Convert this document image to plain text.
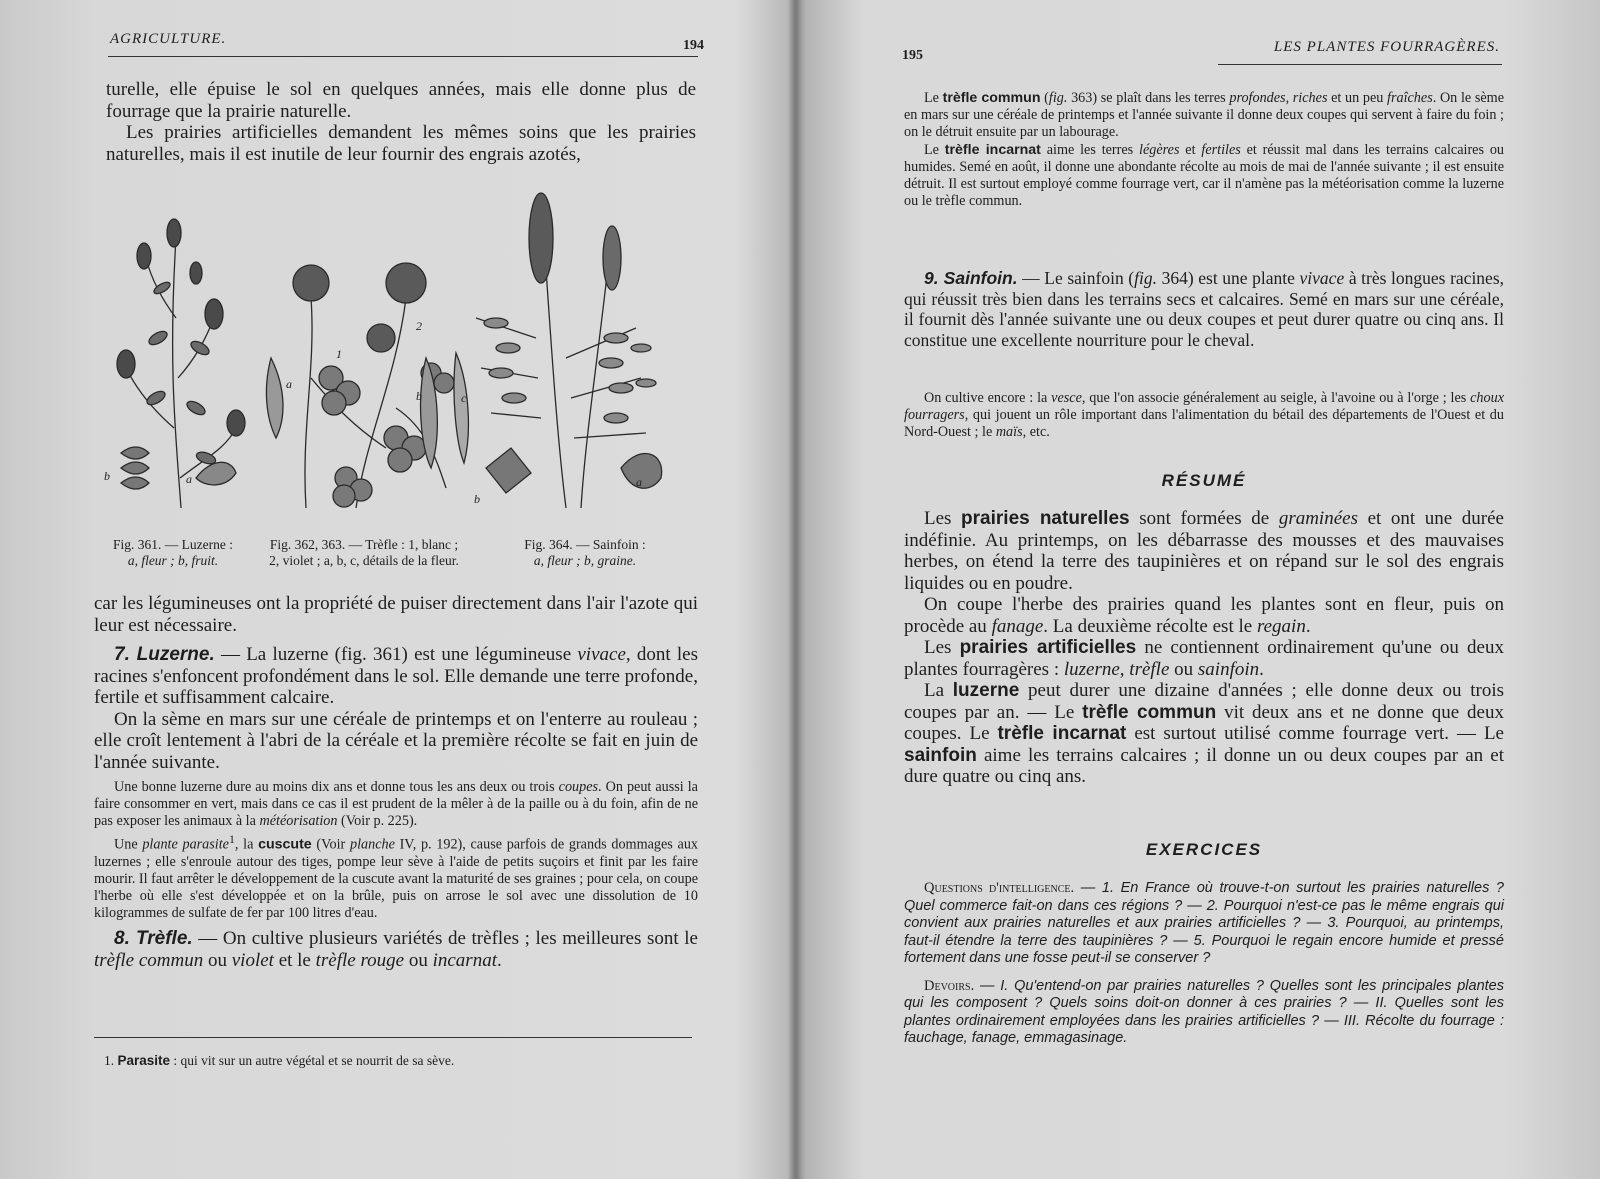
AGRICULTURE.	194

turelle, elle épuise le sol en quelques années, mais elle donne plus de fourrage que la prairie naturelle.

Les prairies artificielles demandent les mêmes soins que les prairies naturelles, mais il est inutile de leur fournir des engrais azotés,

b	a
a
b	c
1
2
b
a
Fig. 361. — Luzerne :
a, fleur ; b, fruit.
Fig. 362, 363. — Trèfle : 1, blanc ;
2, violet ; a, b, c, détails de la fleur.
Fig. 364. — Sainfoin :
a, fleur ; b, graine.

car les légumineuses ont la propriété de puiser directement dans l'air l'azote qui leur est nécessaire.

7. Luzerne. — La luzerne (fig. 361) est une légumineuse vivace, dont les racines s'enfoncent profondément dans le sol. Elle demande une terre profonde, fertile et suffisamment calcaire.

On la sème en mars sur une céréale de printemps et on l'enterre au rouleau ; elle croît lentement à l'abri de la céréale et la première récolte se fait en juin de l'année suivante.

Une bonne luzerne dure au moins dix ans et donne tous les ans deux ou trois coupes. On peut aussi la faire consommer en vert, mais dans ce cas il est prudent de la mêler à de la paille ou à du foin, afin de ne pas exposer les animaux à la météorisation (Voir p. 225).

Une plante parasite$^1$, la cuscute (Voir planche IV, p. 192), cause parfois de grands dommages aux luzernes ; elle s'enroule autour des tiges, pompe leur sève à l'aide de petits suçoirs et finit par les faire mourir. Il faut arrêter le développement de la cuscute avant la maturité de ses graines ; pour cela, on coupe l'herbe où elle s'est développée et on la brûle, puis on arrose le sol avec une dissolution de 10 kilogrammes de sulfate de fer par 100 litres d'eau.

8. Trèfle. — On cultive plusieurs variétés de trèfles ; les meilleures sont le trèfle commun ou violet et le trèfle rouge ou incarnat.

1. Parasite : qui vit sur un autre végétal et se nourrit de sa sève.
195
LES PLANTES FOURRAGÈRES.

Le trèfle commun (fig. 363) se plaît dans les terres profondes, riches et un peu fraîches. On le sème en mars sur une céréale de printemps et l'année suivante il donne deux coupes qui servent à faire du foin ; on le détruit ensuite par un labourage.

Le trèfle incarnat aime les terres légères et fertiles et réussit mal dans les terrains calcaires ou humides. Semé en août, il donne une abondante récolte au mois de mai de l'année suivante ; il est ensuite détruit. Il est surtout employé comme fourrage vert, car il n'amène pas la météorisation comme la luzerne ou le trèfle commun.

9. Sainfoin. — Le sainfoin (fig. 364) est une plante vivace à très longues racines, qui réussit très bien dans les terrains secs et calcaires. Semé en mars sur une céréale, il fournit dès l'année suivante une ou deux coupes et peut durer quatre ou cinq ans. Il constitue une excellente nourriture pour le cheval.

On cultive encore : la vesce, que l'on associe généralement au seigle, à l'avoine ou à l'orge ; les choux fourragers, qui jouent un rôle important dans l'alimentation du bétail des départements de l'Ouest et du Nord-Ouest ; le maïs, etc.

RÉSUMÉ

Les prairies naturelles sont formées de graminées et ont une durée indéfinie. Au printemps, on les débarrasse des mousses et des mauvaises herbes, on étend la terre des taupinières et on répand sur le sol des engrais liquides ou en poudre.

On coupe l'herbe des prairies quand les plantes sont en fleur, puis on procède au fanage. La deuxième récolte est le regain.

Les prairies artificielles ne contiennent ordinairement qu'une ou deux plantes fourragères : luzerne, trèfle ou sainfoin.

La luzerne peut durer une dizaine d'années ; elle donne deux ou trois coupes par an. — Le trèfle commun vit deux ans et ne donne que deux coupes. Le trèfle incarnat est surtout utilisé comme fourrage vert. — Le sainfoin aime les terrains calcaires ; il donne un ou deux coupes par an et dure quatre ou cinq ans.

EXERCICES

Questions d'intelligence. — 1. En France où trouve-t-on surtout les prairies naturelles ? Quel commerce fait-on dans ces régions ? — 2. Pourquoi n'est-ce pas le même engrais qui convient aux prairies naturelles et aux prairies artificielles ? — 3. Pourquoi, au printemps, faut-il étendre la terre des taupinières ? — 5. Pourquoi le regain encore humide et pressé fortement dans une fosse peut-il se conserver ?

Devoirs. — I. Qu'entend-on par prairies naturelles ? Quelles sont les principales plantes qui les composent ? Quels soins doit-on donner à ces prairies ? — II. Quelles sont les plantes ordinairement employées dans les prairies artificielles ? — III. Récolte du fourrage : fauchage, fanage, emmagasinage.
